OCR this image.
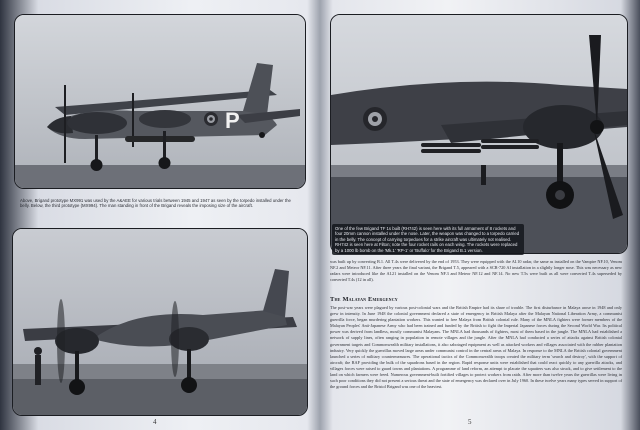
P
Above, Brigand prototype MX991 was used by the A&AEE for various trials between 1945 and 1947 as seen by the torpedo installed under the belly. Below, the third prototype (MX994). The man standing in front of the Brigand reveals the imposing size of the aircraft.
4
One of the few Brigand TF 1s built (RH742) is seen here with its full armament of 8 rockets and four 20mm cannon installed under the nose. Later, the weapon was changed to a torpedo carried in the belly. The concept of carrying torpedoes for a strike aircraft was ultimately not realised. RH742 is seen here at Filton; note the four rocket rails on each wing. The rockets were replaced by a 1000 lb bomb on the 'Mk.1' 'RP-1' or 'Buffalo' for the Brigand B.1 version.
5
was built up by converting B.1. All T.4s were delivered by the end of 1953. They were equipped with the AI.10 radar, the same as installed on the Vampire NF.10, Venom NF.2 and Meteor NF.11. After three years the final variant, the Brigand T.5, appeared with a SCR-720 AI installation in a slightly longer nose. This was necessary as new radars were introduced like the AI.21 installed on the Venom NF.3 and Meteor NF.12 and NF.14. No new T.5s were built as all were converted T.4s superseded by converted T.4s (12 in all).
The Malayan Emergency
The post-war years were plagued by various post-colonial wars and the British Empire had its share of trouble. The first disturbance in Malaya arose in 1948 and only grew in intensity. In June 1948 the colonial government declared a state of emergency in British Malaya after the Malayan National Liberation Army, a communist guerrilla force, began murdering plantation workers. This wanted to free Malaya from British colonial rule. Many of the MNLA fighters were former members of the Malayan Peoples' Anti-Japanese Army who had been trained and funded by the British to fight the Imperial Japanese forces during the Second World War. Its political power was derived from landless, mostly communist Malayans. The MNLA had thousands of fighters, most of them based in the jungle. The MNLA had established a network of supply lines, often ranging in population in remote villages and the jungle. After the MNLA had conducted a series of attacks against British colonial government targets and Commonwealth military installations, it also sabotaged equipment as well as attacked workers and villages associated with the rubber plantation industry. Very quickly the guerrillas moved large areas under communist control in the central areas of Malaya. In response to the MNLA the British colonial government launched a series of military countermeasures. The operational tactics of the Commonwealth troops created the military term 'search and destroy', with the support of aircraft; the RAF providing the bulk of the squadrons based in the region. Rapid response units were established that could react quickly to any guerrilla attacks, and villages forces were raised to guard towns and plantations. A programme of land reform, an attempt to placate the squatters was also struck, and to give settlement to the land on which farmers were freed. Numerous government-built fortified villages to protect workers from raids. After more than twelve years the guerrillas were living in such poor conditions they did not present a serious threat and the state of emergency was declared over in July 1960. In these twelve years many types served in support of the ground forces and the Bristol Brigand was one of the heaviest.
